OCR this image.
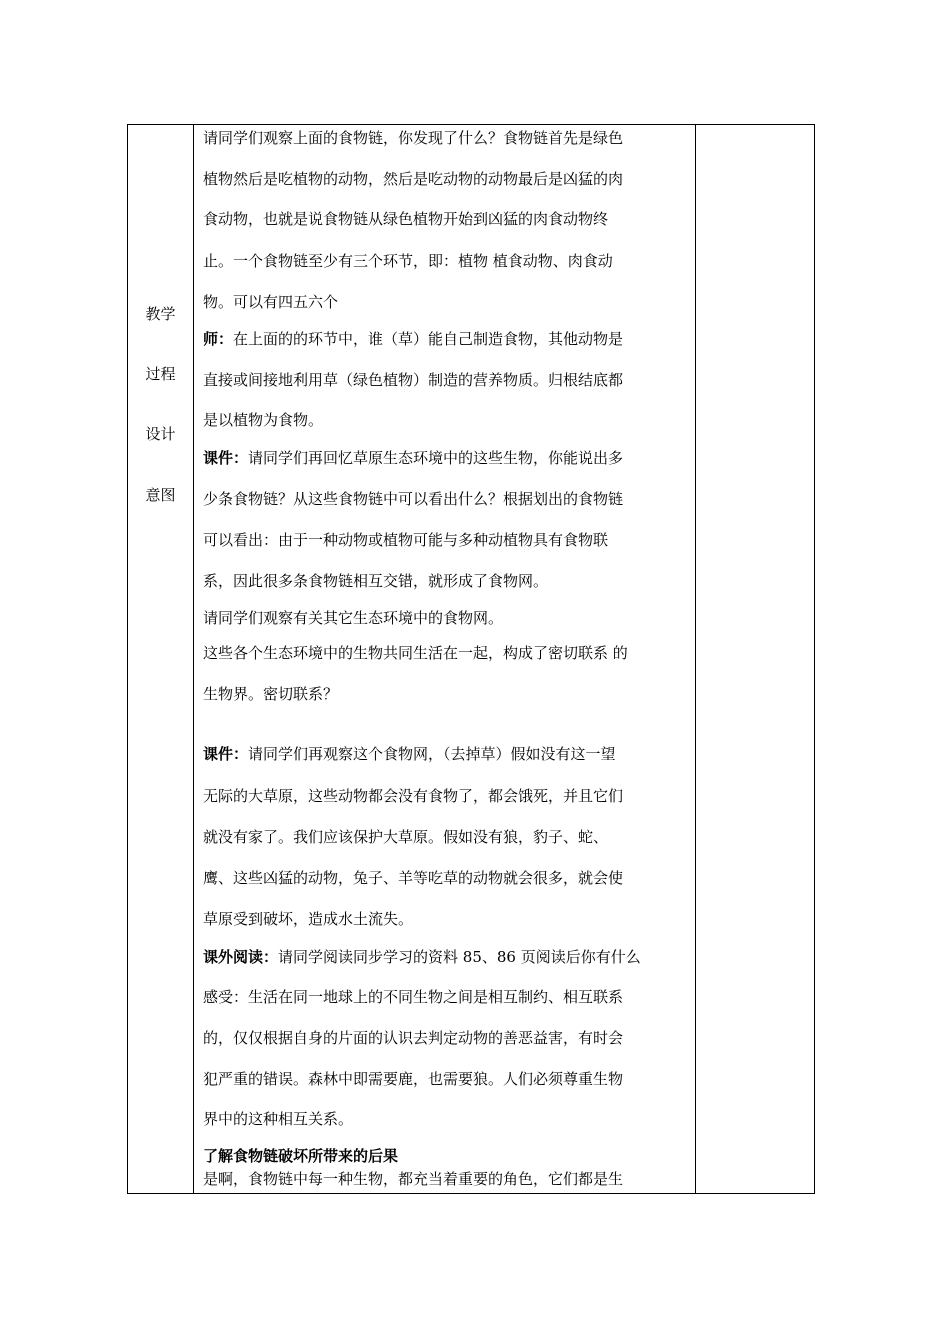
教学
过程
设计
意图
请同学们观察上面的食物链，你发现了什么？食物链首先是绿色
植物然后是吃植物的动物，然后是吃动物的动物最后是凶猛的肉
食动物，也就是说食物链从绿色植物开始到凶猛的肉食动物终
止。一个食物链至少有三个环节，即：植物 植食动物、肉食动
物。可以有四五六个
师：在上面的的环节中，谁（草）能自己制造食物，其他动物是
直接或间接地利用草（绿色植物）制造的营养物质。归根结底都
是以植物为食物。
课件：请同学们再回忆草原生态环境中的这些生物，你能说出多
少条食物链？从这些食物链中可以看出什么？根据划出的食物链
可以看出：由于一种动物或植物可能与多种动植物具有食物联
系，因此很多条食物链相互交错，就形成了食物网。
请同学们观察有关其它生态环境中的食物网。
这些各个生态环境中的生物共同生活在一起，构成了密切联系 的
生物界。密切联系？
课件：请同学们再观察这个食物网，（去掉草）假如没有这一望
无际的大草原，这些动物都会没有食物了，都会饿死，并且它们
就没有家了。我们应该保护大草原。假如没有狼，豹子、蛇、
鹰、这些凶猛的动物，兔子、羊等吃草的动物就会很多，就会使
草原受到破坏，造成水土流失。
课外阅读：请同学阅读同步学习的资料 85、86 页阅读后你有什么
感受：生活在同一地球上的不同生物之间是相互制约、相互联系
的，仅仅根据自身的片面的认识去判定动物的善恶益害，有时会
犯严重的错误。森林中即需要鹿，也需要狼。人们必须尊重生物
界中的这种相互关系。
了解食物链破坏所带来的后果
是啊，食物链中每一种生物，都充当着重要的角色，它们都是生
